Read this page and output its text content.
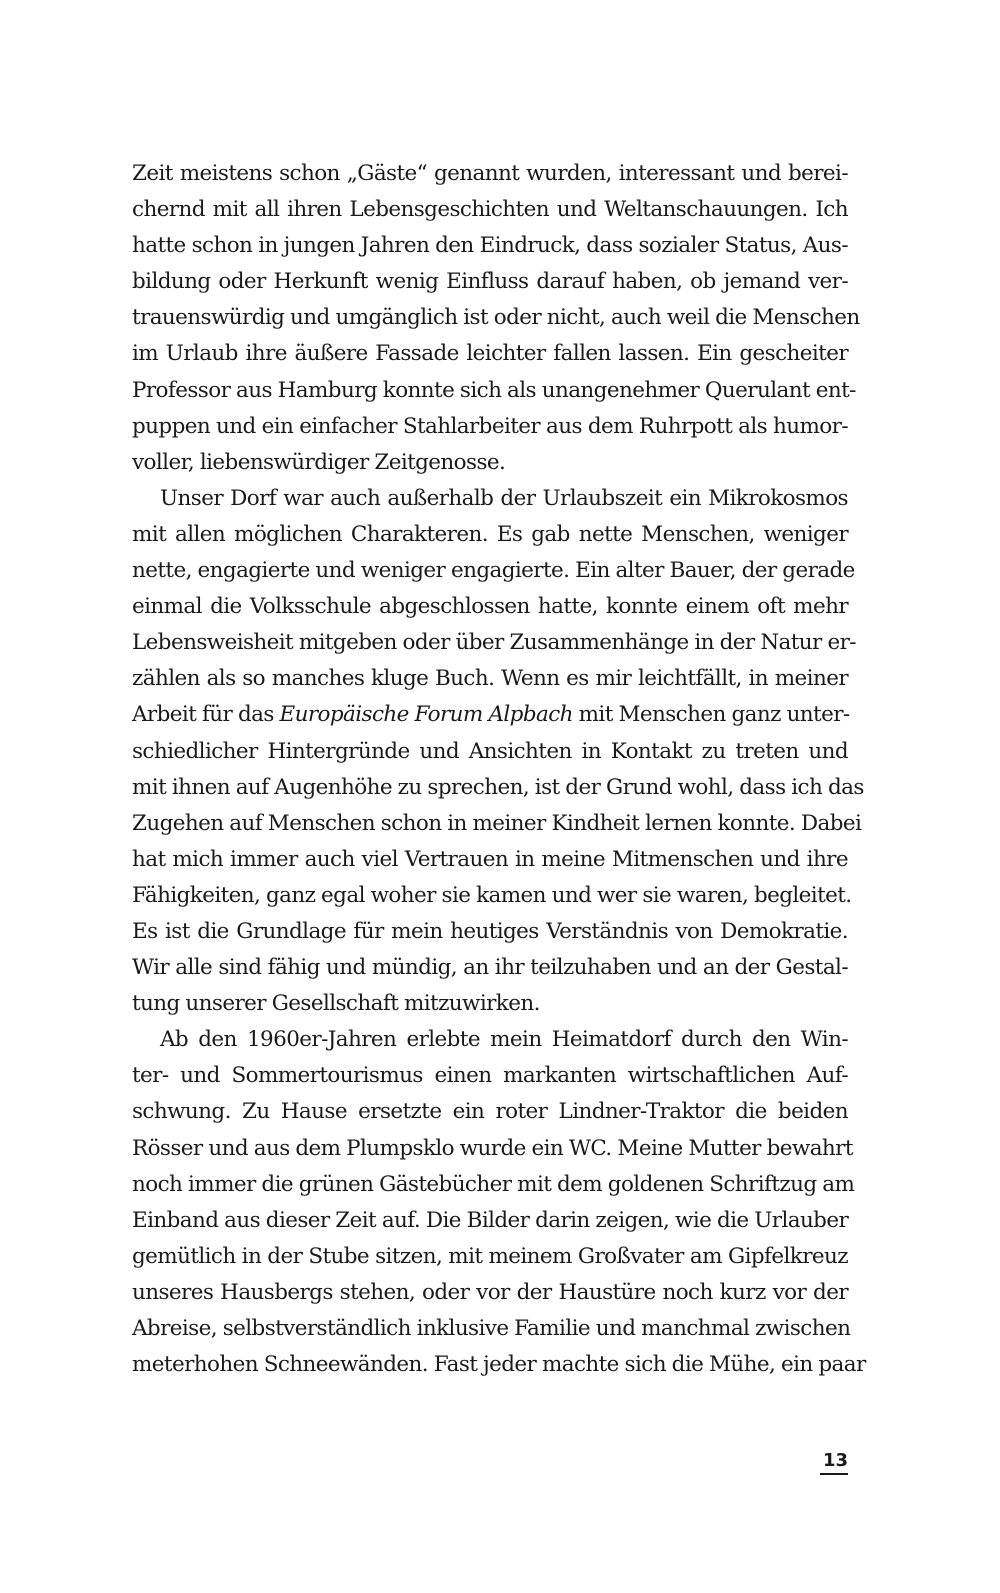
Zeit meistens schon „Gäste“ genannt wurden, interessant und berei-
chernd mit all ihren Lebensgeschichten und Weltanschauungen. Ich
hatte schon in jungen Jahren den Eindruck, dass sozialer Status, Aus-
bildung oder Herkunft wenig Einfluss darauf haben, ob jemand ver-
trauenswürdig und umgänglich ist oder nicht, auch weil die Menschen
im Urlaub ihre äußere Fassade leichter fallen lassen. Ein gescheiter
Professor aus Hamburg konnte sich als unangenehmer Querulant ent-
puppen und ein einfacher Stahlarbeiter aus dem Ruhrpott als humor-
voller, liebenswürdiger Zeitgenosse.

Unser Dorf war auch außerhalb der Urlaubszeit ein Mikrokosmos
mit allen möglichen Charakteren. Es gab nette Menschen, weniger
nette, engagierte und weniger engagierte. Ein alter Bauer, der gerade
einmal die Volksschule abgeschlossen hatte, konnte einem oft mehr
Lebensweisheit mitgeben oder über Zusammenhänge in der Natur er-
zählen als so manches kluge Buch. Wenn es mir leichtfällt, in meiner
Arbeit für das Europäische Forum Alpbach mit Menschen ganz unter-
schiedlicher Hintergründe und Ansichten in Kontakt zu treten und
mit ihnen auf Augenhöhe zu sprechen, ist der Grund wohl, dass ich das
Zugehen auf Menschen schon in meiner Kindheit lernen konnte. Dabei
hat mich immer auch viel Vertrauen in meine Mitmenschen und ihre
Fähigkeiten, ganz egal woher sie kamen und wer sie waren, begleitet.
Es ist die Grundlage für mein heutiges Verständnis von Demokratie.
Wir alle sind fähig und mündig, an ihr teilzuhaben und an der Gestal-
tung unserer Gesellschaft mitzuwirken.

Ab den 1960er-Jahren erlebte mein Heimatdorf durch den Win-
ter- und Sommertourismus einen markanten wirtschaftlichen Auf-
schwung. Zu Hause ersetzte ein roter Lindner-Traktor die beiden
Rösser und aus dem Plumpsklo wurde ein WC. Meine Mutter bewahrt
noch immer die grünen Gästebücher mit dem goldenen Schriftzug am
Einband aus dieser Zeit auf. Die Bilder darin zeigen, wie die Urlauber
gemütlich in der Stube sitzen, mit meinem Großvater am Gipfelkreuz
unseres Hausbergs stehen, oder vor der Haustüre noch kurz vor der
Abreise, selbstverständlich inklusive Familie und manchmal zwischen
meterhohen Schneewänden. Fast jeder machte sich die Mühe, ein paar

13
